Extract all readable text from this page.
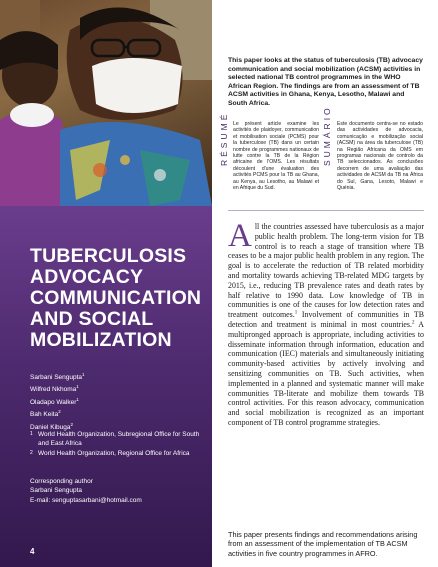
TUBERCULOSIS
ADVOCACY
COMMUNICATION
AND SOCIAL
MOBILIZATION
Sarbani Sengupta$^1$
Wilfred Nkhoma$^1$
Oladapo Walker$^1$
Bah Keita$^2$
Daniel Kibuga$^2$
1 World Health Organization, Subregional Office for South and East Africa
2 World Health Organization, Regional Office for Africa
Corresponding author
Sarbani Sengupta
E-mail: senguptasarbani@hotmail.com
4

This paper looks at the status of tuberculosis (TB) advocacy communication and social mobilization (ACSM) activities in selected national TB control programmes in the WHO African Region. The findings are from an assessment of TB ACSM activities in Ghana, Kenya, Lesotho, Malawi and South Africa.

RÉSUMÉ Le présent article examine les activités de plaidoyer, communication et mobilisation sociale (PCMS) pour la tuberculose (TB) dans un certain nombre de programmes nationaux de lutte contre la TB de la Région africaine de l'OMS. Les résultats découlent d'une évaluation des activités PCMS pour la TB au Ghana, au Kenya, au Lesotho, au Malawi et en Afrique du Sud.

SUMÁRIO Este documento centra-se no estado das actividades de advocacia, comunicação e mobilização social (ACSM) na área da tuberculose (TB) na Região Africana da OMS em programas nacionais de controlo da TB seleccionados. As conclusões decorrem de uma avaliação das actividades de ACSM da TB na África do Sul, Gana, Lesoto, Malawi e Quénia.

All the countries assessed have tuberculosis as a major public health problem. The long-term vision for TB control is to reach a stage of transition where TB ceases to be a major public health problem in any region. The goal is to accelerate the reduction of TB related morbidity and mortality towards achieving TB-related MDG targets by 2015, i.e., reducing TB prevalence rates and death rates by half relative to 1990 data. Low knowledge of TB in communities is one of the causes for low detection rates and treatment outcomes.$^1$ Involvement of communities in TB detection and treatment is minimal in most countries.$^2$ A multipronged approach is appropriate, including activities to disseminate information through information, education and communication (IEC) materials and simultaneously initiating community-based activities by actively involving and sensitizing communities on TB. Such activities, when implemented in a planned and systematic manner will make communities TB-literate and mobilize them towards TB control activities. For this reason advocacy, communication and social mobilization is recognized as an important component of TB control programme strategies.

This paper presents findings and recommendations arising from an assessment of the implementation of TB ACSM activities in five country programmes in AFRO.
